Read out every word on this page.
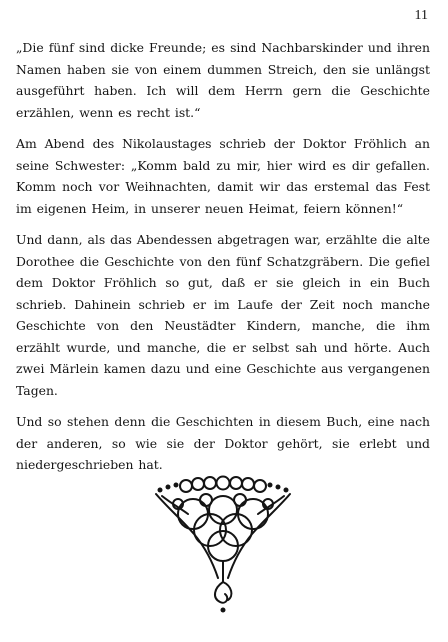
11

„Die fünf sind dicke Freunde; es sind Nachbarskinder und ihren Namen haben sie von einem dummen Streich, den sie unlängst ausgeführt haben. Ich will dem Herrn gern die Geschichte erzählen, wenn es recht ist.“

Am Abend des Nikolaustages schrieb der Doktor Fröhlich an seine Schwester: „Komm bald zu mir, hier wird es dir gefallen. Komm noch vor Weihnachten, damit wir das erstemal das Fest im eigenen Heim, in unserer neuen Heimat, feiern können!“

Und dann, als das Abendessen abgetragen war, erzählte die alte Dorothee die Geschichte von den fünf Schatzgräbern. Die gefiel dem Doktor Fröhlich so gut, daß er sie gleich in ein Buch schrieb. Dahinein schrieb er im Laufe der Zeit noch manche Geschichte von den Neustädter Kindern, manche, die ihm erzählt wurde, und manche, die er selbst sah und hörte. Auch zwei Märlein kamen dazu und eine Geschichte aus vergangenen Tagen.

Und so stehen denn die Geschichten in diesem Buch, eine nach der anderen, so wie sie der Doktor gehört, sie erlebt und niedergeschrieben hat.
